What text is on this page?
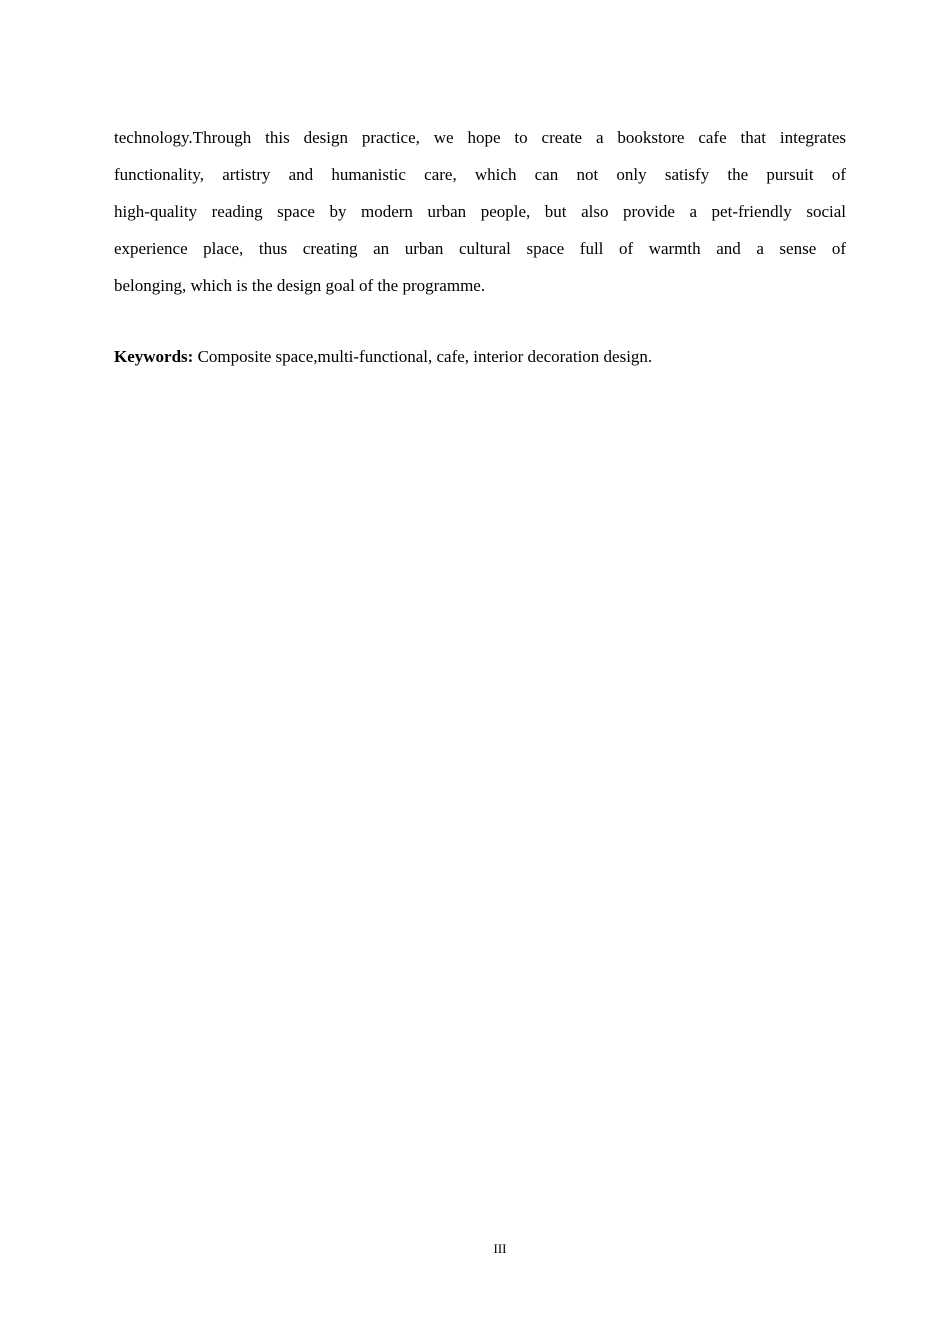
technology.Through this design practice, we hope to create a bookstore cafe that integrates
functionality, artistry and humanistic care, which can not only satisfy the pursuit of
high-quality reading space by modern urban people, but also provide a pet-friendly social
experience place, thus creating an urban cultural space full of warmth and a sense of
belonging, which is the design goal of the programme.

Keywords: Composite space,multi-functional, cafe, interior decoration design.

III
